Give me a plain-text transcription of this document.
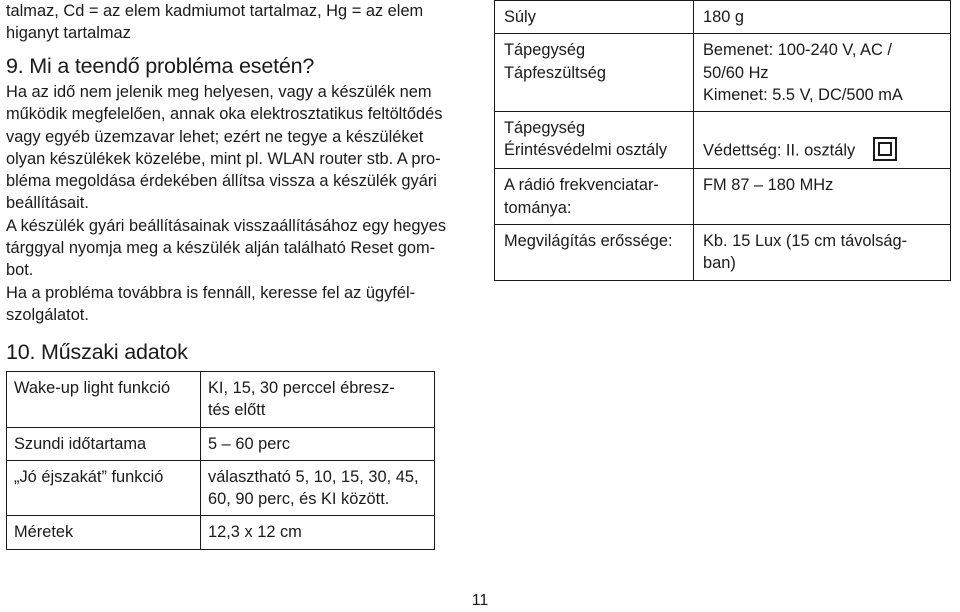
talmaz, Cd = az elem kadmiumot tartalmaz, Hg = az elem
higanyt tartalmaz

9. Mi a teendő probléma esetén?

Ha az idő nem jelenik meg helyesen, vagy a készülék nem
működik megfelelően, annak oka elektrosztatikus feltöltődés
vagy egyéb üzemzavar lehet; ezért ne tegye a készüléket
olyan készülékek közelébe, mint pl. WLAN router stb. A pro-
bléma megoldása érdekében állítsa vissza a készülék gyári
beállításait.

A készülék gyári beállításainak visszaállításához egy hegyes
tárggyal nyomja meg a készülék alján található Reset gom-
bot.

Ha a probléma továbbra is fennáll, keresse fel az ügyfél-
szolgálatot.

10. Műszaki adatok
Wake-up light funkció	KI, 15, 30 perccel ébresz-
tés előtt
Szundi időtartama	5 – 60 perc
„Jó éjszakát” funkció	választható 5, 10, 15, 30, 45,
60, 90 perc, és KI között.
Méretek	12,3 x 12 cm
Súly	180 g
Tápegység
Tápfeszültség	Bemenet: 100-240 V, AC /
50/60 Hz
Kimenet: 5.5 V, DC/500 mA
Tápegység
Érintésvédelmi osztály	Védettség: II. osztály
A rádió frekvenciatar-
tománya:	FM 87 – 180 MHz
Megvilágítás erőssége:	Kb. 15 Lux (15 cm távolság-
ban)
11
